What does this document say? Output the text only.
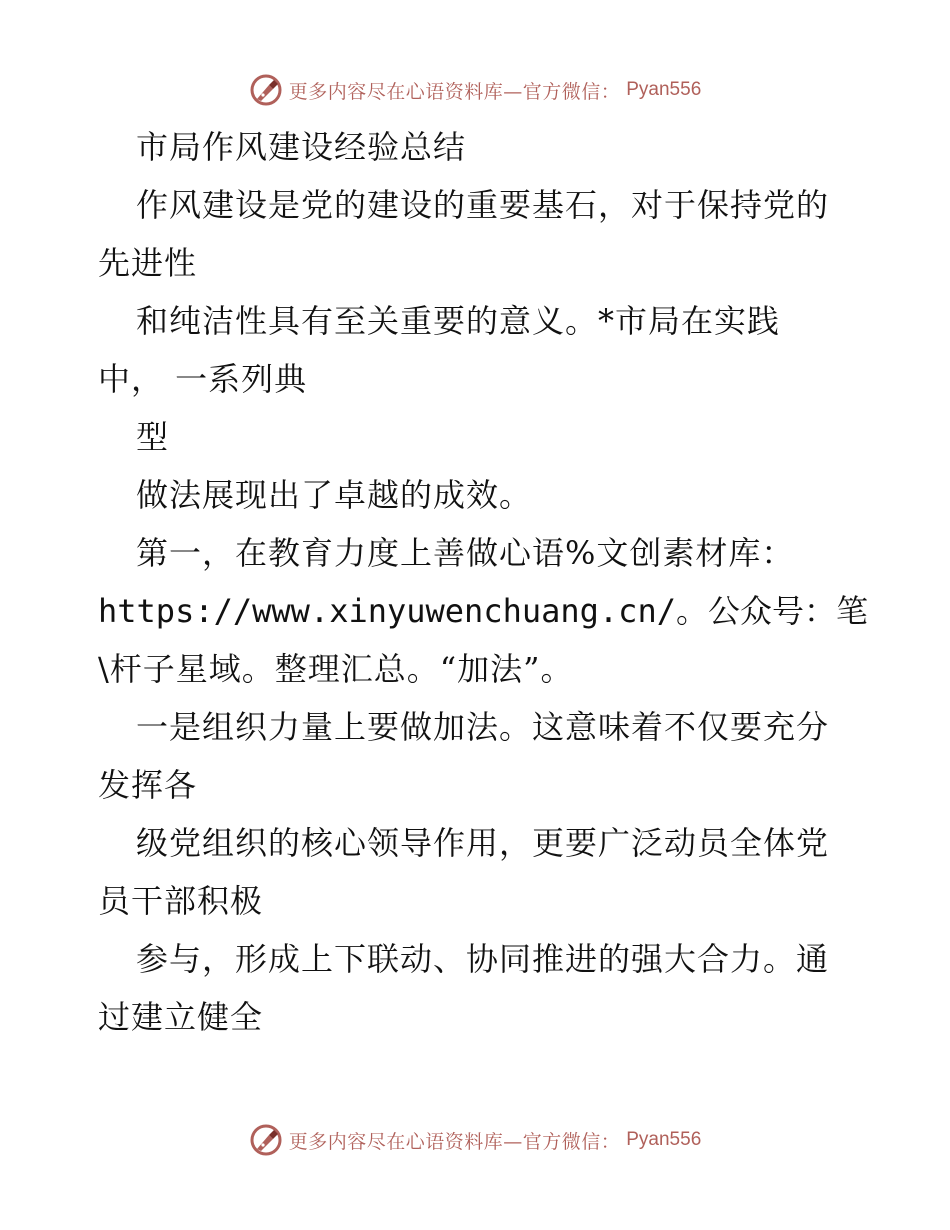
更多内容尽在心语资料库—官方微信： Pyan556
市局作风建设经验总结
作风建设是党的建设的重要基石，对于保持党的
先进性
和纯洁性具有至关重要的意义。*市局在实践
中， 一系列典
型
做法展现出了卓越的成效。
第一，在教育力度上善做心语%文创素材库：
https://www.xinyuwenchuang.cn/。公众号：笔
\杆子星域。整理汇总。“加法”。
一是组织力量上要做加法。这意味着不仅要充分
发挥各
级党组织的核心领导作用，更要广泛动员全体党
员干部积极
参与，形成上下联动、协同推进的强大合力。通
过建立健全
更多内容尽在心语资料库—官方微信： Pyan556
